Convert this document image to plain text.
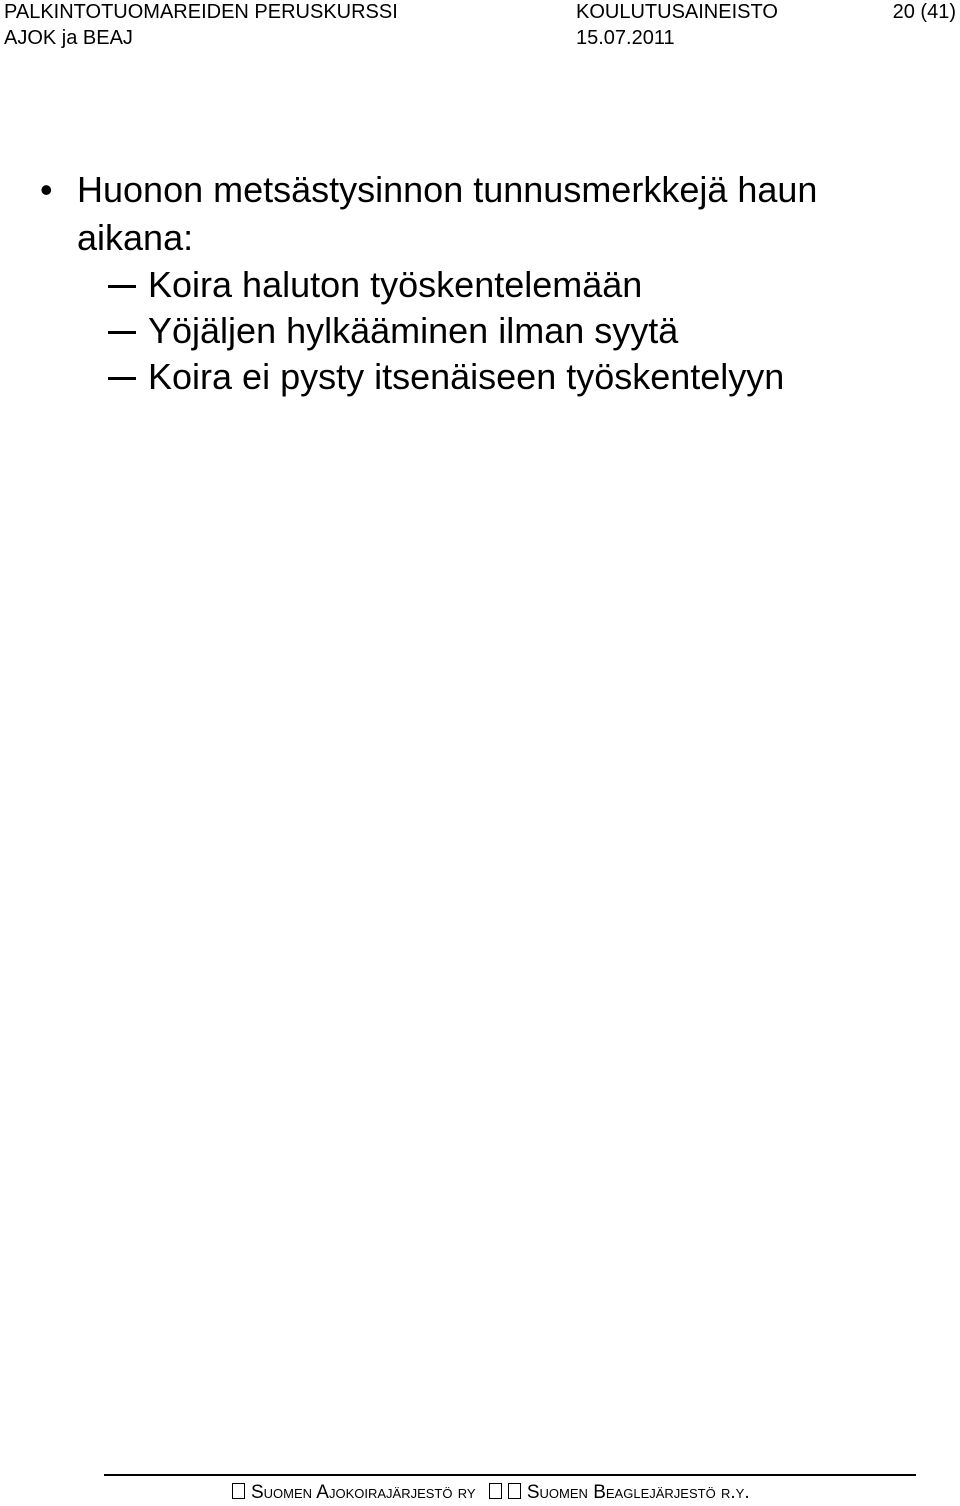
PALKINTOTUOMAREIDEN PERUSKURSSI
AJOK ja BEAJ
KOULUTUSAINEISTO
15.07.2011
20 (41)
• Huonon metsästysinnon tunnusmerkkejä haun aikana:
Koira haluton työskentelemään
Yöjäljen hylkääminen ilman syytä
Koira ei pysty itsenäiseen työskentelyyn
Suomen Ajokoirajärjestö ry	Suomen Beaglejärjestö r.y.
